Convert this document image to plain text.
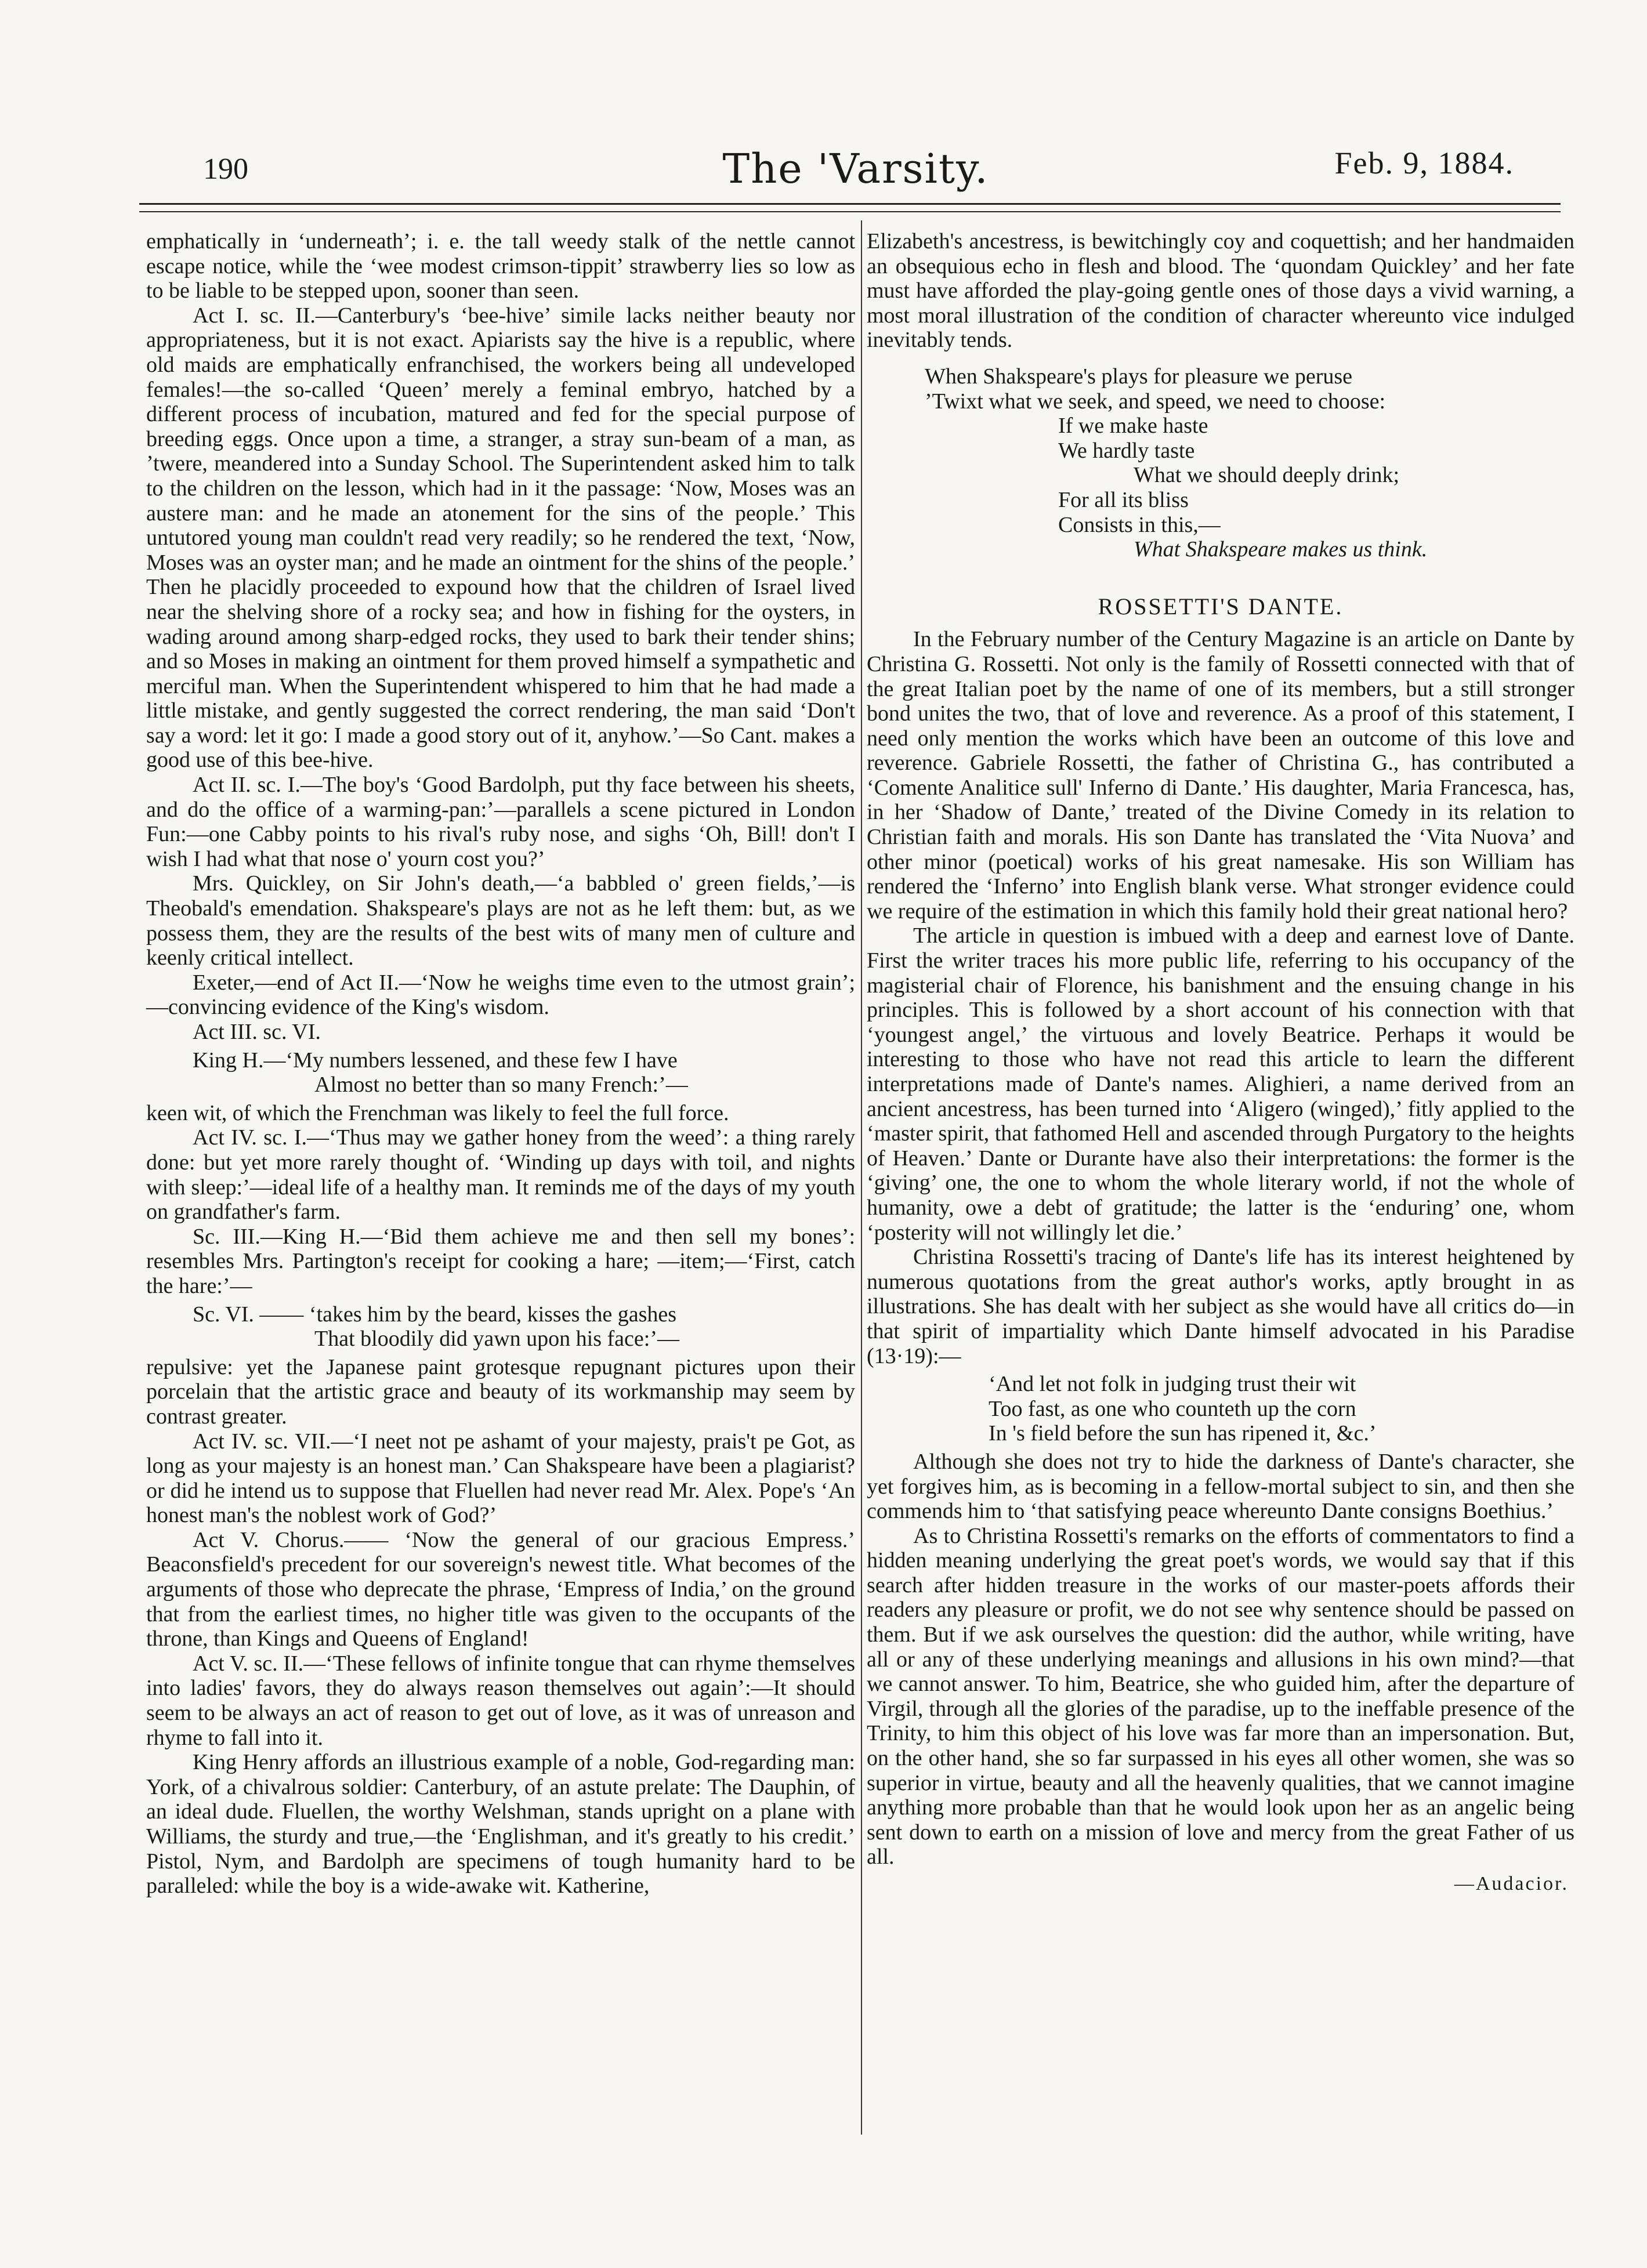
190	The 'Varsity.	Feb. 9, 1884.

emphatically in ‘underneath’; i. e. the tall weedy stalk of the nettle cannot escape notice, while the ‘wee modest crimson-tippit’ strawberry lies so low as to be liable to be stepped upon, sooner than seen.

Act I. sc. II.—Canterbury's ‘bee-hive’ simile lacks neither beauty nor appropriateness, but it is not exact. Apiarists say the hive is a republic, where old maids are emphatically enfranchised, the workers being all undeveloped females!—the so-called ‘Queen’ merely a feminal embryo, hatched by a different process of incubation, matured and fed for the special purpose of breeding eggs. Once upon a time, a stranger, a stray sun-beam of a man, as ’twere, meandered into a Sunday School. The Superintendent asked him to talk to the children on the lesson, which had in it the passage: ‘Now, Moses was an austere man: and he made an atonement for the sins of the people.’ This untutored young man couldn't read very readily; so he rendered the text, ‘Now, Moses was an oyster man; and he made an ointment for the shins of the people.’ Then he placidly proceeded to expound how that the children of Israel lived near the shelving shore of a rocky sea; and how in fishing for the oysters, in wading around among sharp-edged rocks, they used to bark their tender shins; and so Moses in making an ointment for them proved himself a sympathetic and merciful man. When the Superintendent whispered to him that he had made a little mistake, and gently suggested the correct rendering, the man said ‘Don't say a word: let it go: I made a good story out of it, anyhow.’—So Cant. makes a good use of this bee-hive.

Act II. sc. I.—The boy's ‘Good Bardolph, put thy face between his sheets, and do the office of a warming-pan:’—parallels a scene pictured in London Fun:—one Cabby points to his rival's ruby nose, and sighs ‘Oh, Bill! don't I wish I had what that nose o' yourn cost you?’

Mrs. Quickley, on Sir John's death,—‘a babbled o' green fields,’—is Theobald's emendation. Shakspeare's plays are not as he left them: but, as we possess them, they are the results of the best wits of many men of culture and keenly critical intellect.

Exeter,—end of Act II.—‘Now he weighs time even to the utmost grain’;—convincing evidence of the King's wisdom.

Act III. sc. VI.

King H.—‘My numbers lessened, and these few I have
Almost no better than so many French:’—

keen wit, of which the Frenchman was likely to feel the full force.

Act IV. sc. I.—‘Thus may we gather honey from the weed’: a thing rarely done: but yet more rarely thought of. ‘Winding up days with toil, and nights with sleep:’—ideal life of a healthy man. It reminds me of the days of my youth on grandfather's farm.

Sc. III.—King H.—‘Bid them achieve me and then sell my bones’: resembles Mrs. Partington's receipt for cooking a hare; —item;—‘First, catch the hare:’—

Sc. VI. —— ‘takes him by the beard, kisses the gashes
That bloodily did yawn upon his face:’—

repulsive: yet the Japanese paint grotesque repugnant pictures upon their porcelain that the artistic grace and beauty of its workmanship may seem by contrast greater.

Act IV. sc. VII.—‘I neet not pe ashamt of your majesty, prais't pe Got, as long as your majesty is an honest man.’ Can Shakspeare have been a plagiarist? or did he intend us to suppose that Fluellen had never read Mr. Alex. Pope's ‘An honest man's the noblest work of God?’

Act V. Chorus.—— ‘Now the general of our gracious Empress.’ Beaconsfield's precedent for our sovereign's newest title. What becomes of the arguments of those who deprecate the phrase, ‘Empress of India,’ on the ground that from the earliest times, no higher title was given to the occupants of the throne, than Kings and Queens of England!

Act V. sc. II.—‘These fellows of infinite tongue that can rhyme themselves into ladies' favors, they do always reason themselves out again’:—It should seem to be always an act of reason to get out of love, as it was of unreason and rhyme to fall into it.

King Henry affords an illustrious example of a noble, God-regarding man: York, of a chivalrous soldier: Canterbury, of an astute prelate: The Dauphin, of an ideal dude. Fluellen, the worthy Welshman, stands upright on a plane with Williams, the sturdy and true,—the ‘Englishman, and it's greatly to his credit.’ Pistol, Nym, and Bardolph are specimens of tough humanity hard to be paralleled: while the boy is a wide-awake wit. Katherine,

Elizabeth's ancestress, is bewitchingly coy and coquettish; and her handmaiden an obsequious echo in flesh and blood. The ‘quondam Quickley’ and her fate must have afforded the play-going gentle ones of those days a vivid warning, a most moral illustration of the condition of character whereunto vice indulged inevitably tends.

When Shakspeare's plays for pleasure we peruse
’Twixt what we seek, and speed, we need to choose:
If we make haste
We hardly taste
What we should deeply drink;
For all its bliss
Consists in this,—
What Shakspeare makes us think.
ROSSETTI'S DANTE.

In the February number of the Century Magazine is an article on Dante by Christina G. Rossetti. Not only is the family of Rossetti connected with that of the great Italian poet by the name of one of its members, but a still stronger bond unites the two, that of love and reverence. As a proof of this statement, I need only mention the works which have been an outcome of this love and reverence. Gabriele Rossetti, the father of Christina G., has contributed a ‘Comente Analitice sull' Inferno di Dante.’ His daughter, Maria Francesca, has, in her ‘Shadow of Dante,’ treated of the Divine Comedy in its relation to Christian faith and morals. His son Dante has translated the ‘Vita Nuova’ and other minor (poetical) works of his great namesake. His son William has rendered the ‘Inferno’ into English blank verse. What stronger evidence could we require of the estimation in which this family hold their great national hero?

The article in question is imbued with a deep and earnest love of Dante. First the writer traces his more public life, referring to his occupancy of the magisterial chair of Florence, his banishment and the ensuing change in his principles. This is followed by a short account of his connection with that ‘youngest angel,’ the virtuous and lovely Beatrice. Perhaps it would be interesting to those who have not read this article to learn the different interpretations made of Dante's names. Alighieri, a name derived from an ancient ancestress, has been turned into ‘Aligero (winged),’ fitly applied to the ‘master spirit, that fathomed Hell and ascended through Purgatory to the heights of Heaven.’ Dante or Durante have also their interpretations: the former is the ‘giving’ one, the one to whom the whole literary world, if not the whole of humanity, owe a debt of gratitude; the latter is the ‘enduring’ one, whom ‘posterity will not willingly let die.’

Christina Rossetti's tracing of Dante's life has its interest heightened by numerous quotations from the great author's works, aptly brought in as illustrations. She has dealt with her subject as she would have all critics do—in that spirit of impartiality which Dante himself advocated in his Paradise (13·19):—

‘And let not folk in judging trust their wit
Too fast, as one who counteth up the corn
In 's field before the sun has ripened it, &c.’

Although she does not try to hide the darkness of Dante's character, she yet forgives him, as is becoming in a fellow-mortal subject to sin, and then she commends him to ‘that satisfying peace whereunto Dante consigns Boethius.’

As to Christina Rossetti's remarks on the efforts of commentators to find a hidden meaning underlying the great poet's words, we would say that if this search after hidden treasure in the works of our master-poets affords their readers any pleasure or profit, we do not see why sentence should be passed on them. But if we ask ourselves the question: did the author, while writing, have all or any of these underlying meanings and allusions in his own mind?—that we cannot answer. To him, Beatrice, she who guided him, after the departure of Virgil, through all the glories of the paradise, up to the ineffable presence of the Trinity, to him this object of his love was far more than an impersonation. But, on the other hand, she so far surpassed in his eyes all other women, she was so superior in virtue, beauty and all the heavenly qualities, that we cannot imagine anything more probable than that he would look upon her as an angelic being sent down to earth on a mission of love and mercy from the great Father of us all.

—Audacior.
